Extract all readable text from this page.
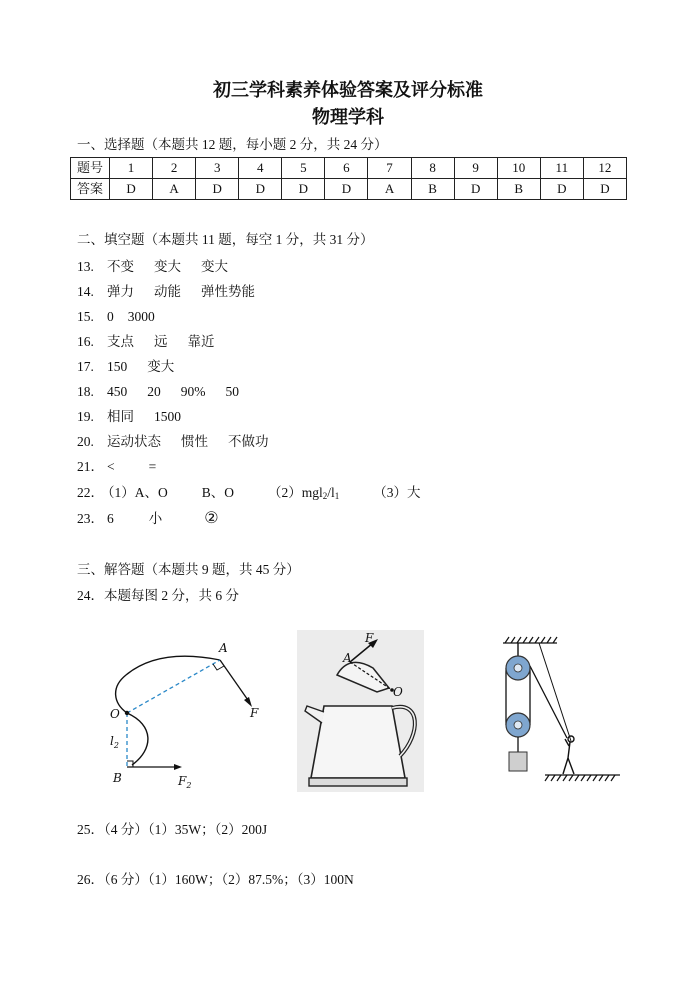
初三学科素养体验答案及评分标准
物理学科
一、选择题（本题共 12 题，每小题 2 分，共 24 分）
题号	1	2	3	4	5	6	7	8	9	10	11	12
答案	D	A	D	D	D	D	A	B	D	B	D	D
二、填空题（本题共 11 题，每空 1 分，共 31 分）
13. 不变 变大 变大
14. 弹力 动能 弹性势能
15. 0 3000
16. 支点 远 靠近
17. 150 变大
18. 450 20 90% 50
19. 相同 1500
20. 运动状态 惯性 不做功
21． <	=
22．（1）A、O	B、O	$(2)mgl_2/l_1$	（3）大
23． 6	小	②
三、解答题（本题共 9 题，共 45 分）
24．本题每图 2 分，共 6 分
A
O	F
$l_2$
B	$F_2$
F
A
O
25．（4 分）（1）35W；（2）200J
26．（6 分）（1）160W；（2）87.5%；（3）100N
